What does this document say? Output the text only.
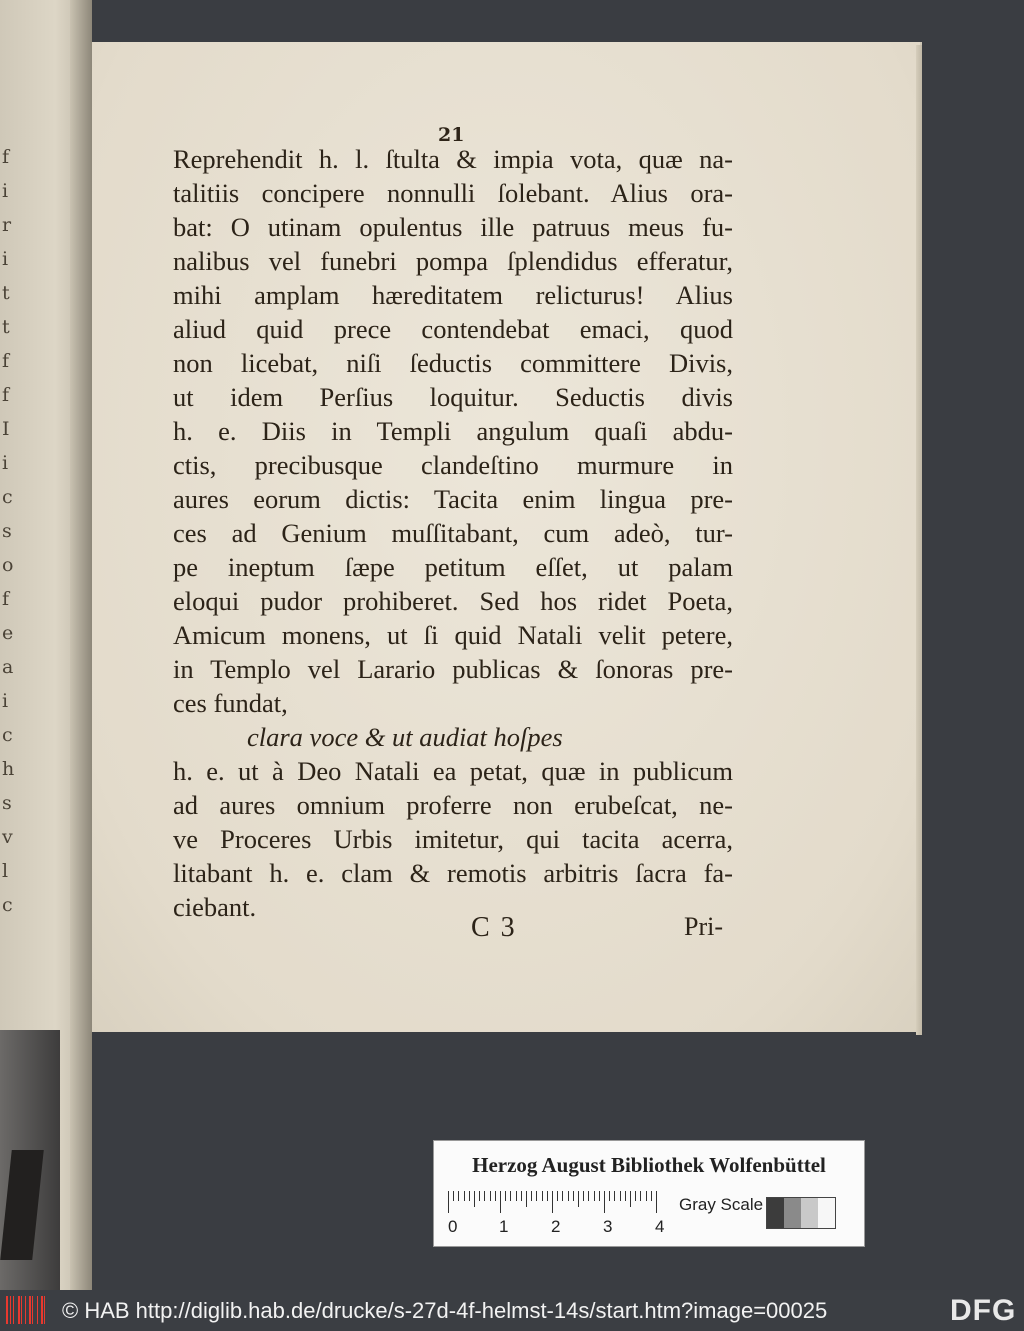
f
i
r
i
t
t
f
f
I
i
c
s
o
f
e
a
i
c
h
s
v
l
c
21
Reprehendit h. l. ſtulta & impia vota, quæ na-
talitiis concipere nonnulli ſolebant. Alius ora-
bat: O utinam opulentus ille patruus meus fu-
nalibus vel funebri pompa ſplendidus efferatur,
mihi amplam hæreditatem relicturus! Alius
aliud quid prece contendebat emaci, quod
non licebat, niſi ſeductis committere Divis,
ut idem Perſius loquitur. Seductis divis
h. e. Diis in Templi angulum quaſi abdu-
ctis, precibusque clandeſtino murmure in
aures eorum dictis: Tacita enim lingua pre-
ces ad Genium muſſitabant, cum adeò, tur-
pe ineptum ſæpe petitum eſſet, ut palam
eloqui pudor prohiberet. Sed hos ridet Poeta,
Amicum monens, ut ſi quid Natali velit petere,
in Templo vel Larario publicas & ſonoras pre-
ces fundat,
clara voce & ut audiat hoſpes
h. e. ut à Deo Natali ea petat, quæ in publicum
ad aures omnium proferre non erubeſcat, ne-
ve Proceres Urbis imitetur, qui tacita acerra,
litabant h. e. clam & remotis arbitris ſacra fa-
ciebant.
C 3	Pri-
Herzog August Bibliothek Wolfenbüttel
0 1	2	3	4
Gray Scale
© HAB http://diglib.hab.de/drucke/s-27d-4f-helmst-14s/start.htm?image=00025	DFG
